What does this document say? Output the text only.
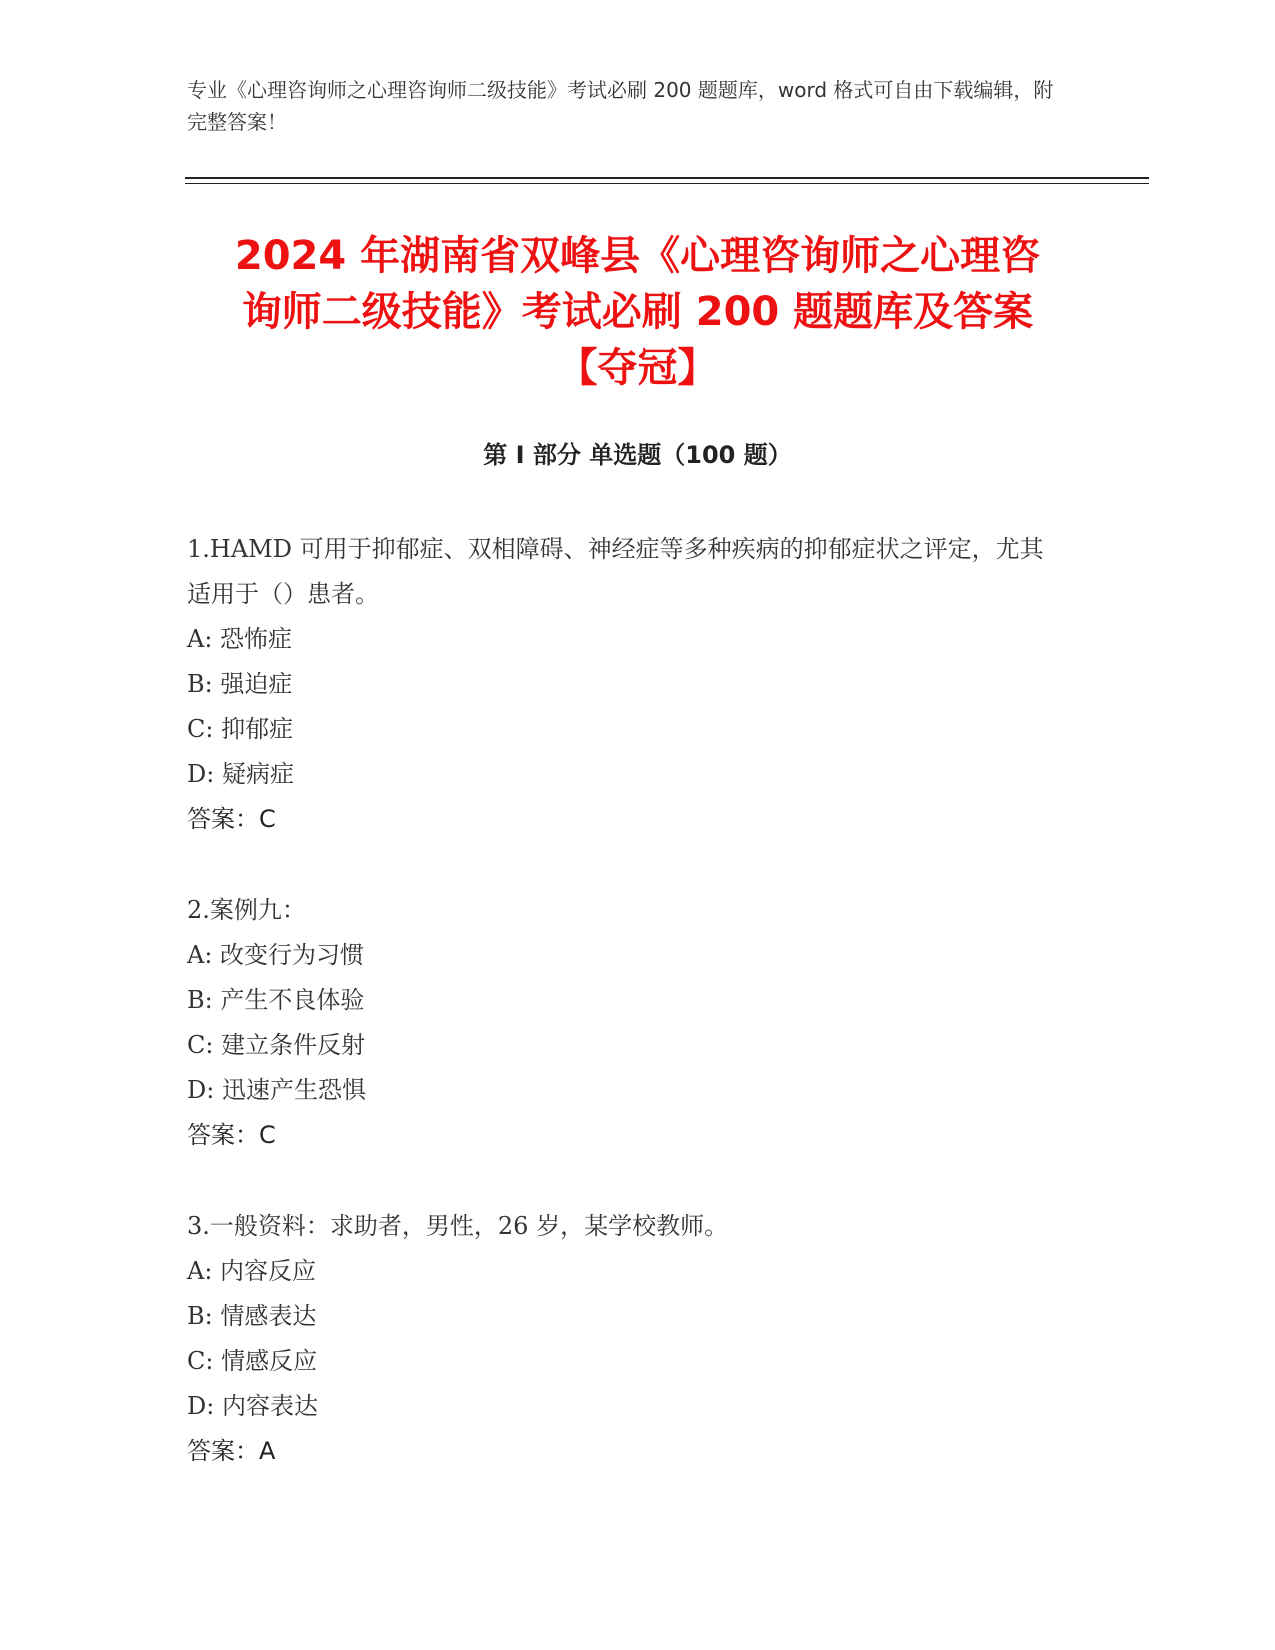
专业《心理咨询师之心理咨询师二级技能》考试必刷 200 题题库，word 格式可自由下载编辑，附完整答案！
2024 年湖南省双峰县《心理咨询师之心理咨
询师二级技能》考试必刷 200 题题库及答案
【夺冠】
第 I 部分 单选题（100 题）

1.HAMD 可用于抑郁症、双相障碍、神经症等多种疾病的抑郁症状之评定，尤其适用于（）患者。

A: 恐怖症

B: 强迫症

C: 抑郁症

D: 疑病症

答案：C

2.案例九：

A: 改变行为习惯

B: 产生不良体验

C: 建立条件反射

D: 迅速产生恐惧

答案：C

3.一般资料：求助者，男性，26 岁，某学校教师。

A: 内容反应

B: 情感表达

C: 情感反应

D: 内容表达

答案：A
